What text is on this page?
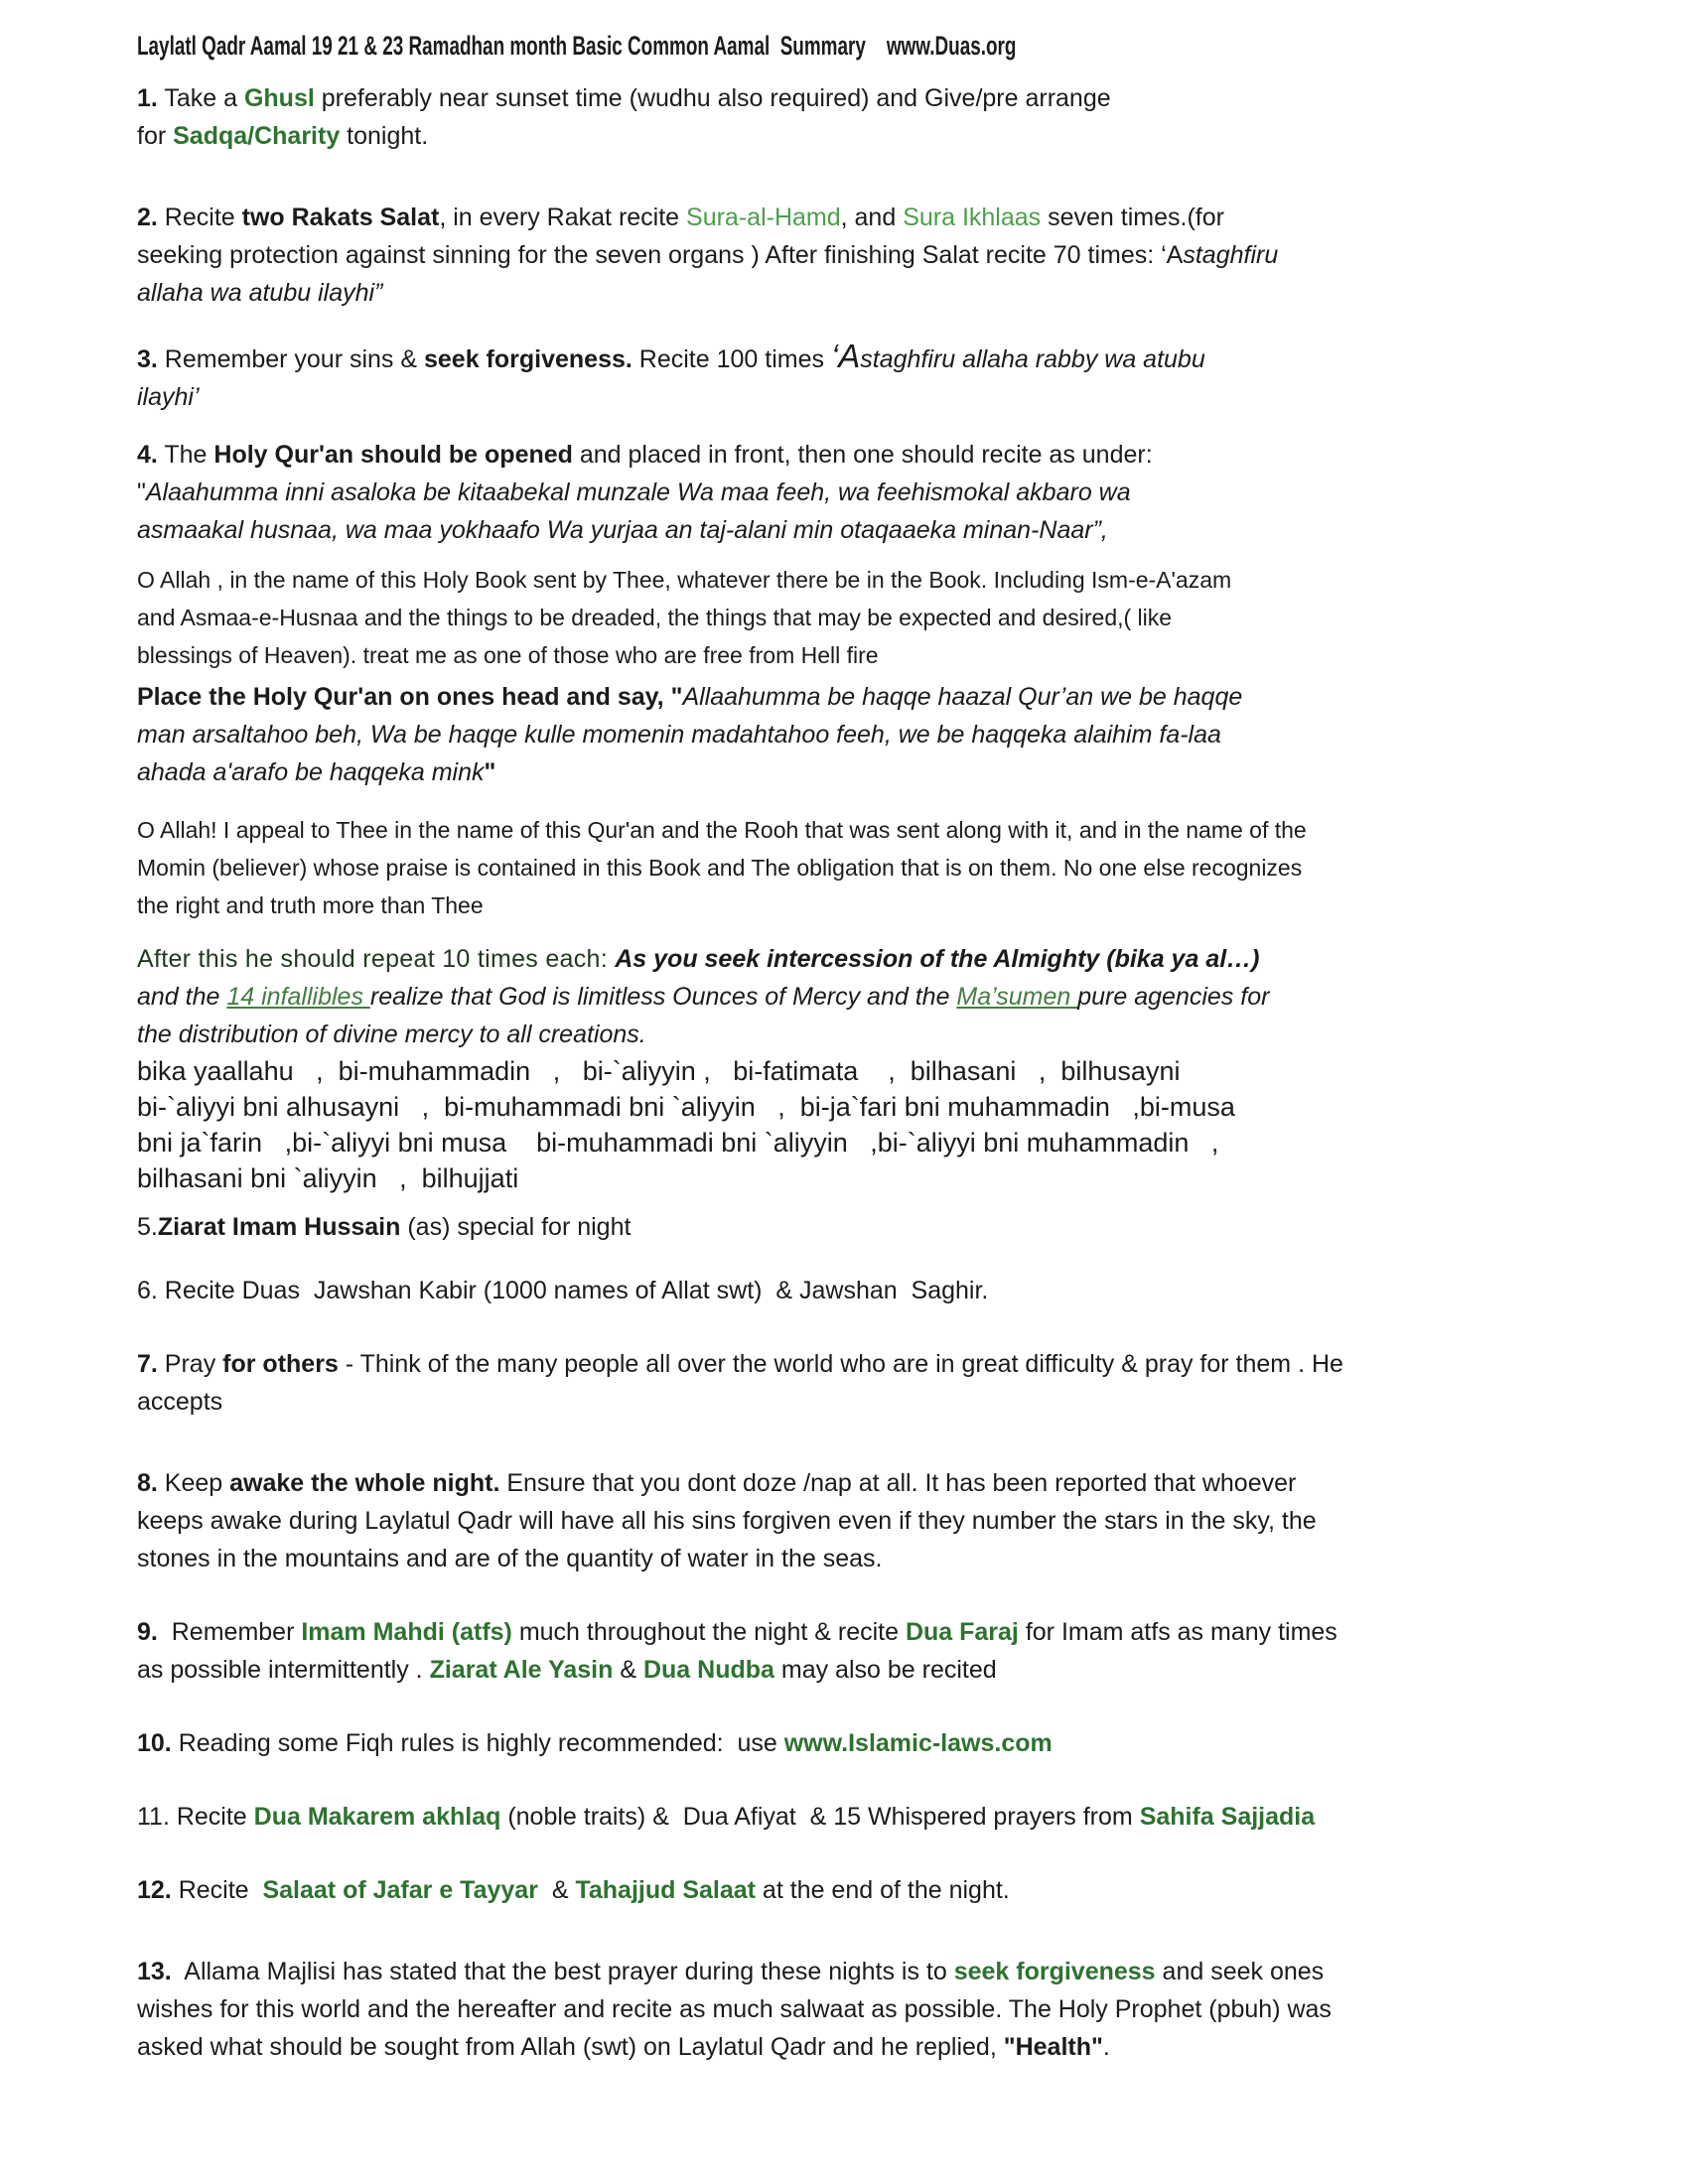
Laylatl Qadr Aamal 19 21 & 23 Ramadhan month Basic Common Aamal  Summary    www.Duas.org
1. Take a Ghusl preferably near sunset time (wudhu also required) and Give/pre arrange
for Sadqa/Charity tonight.
2. Recite two Rakats Salat, in every Rakat recite Sura-al-Hamd, and Sura Ikhlaas seven times.(for
seeking protection against sinning for the seven organs ) After finishing Salat recite 70 times: ‘Astaghfiru
allaha wa atubu ilayhi”
3. Remember your sins & seek forgiveness. Recite 100 times ‘Astaghfiru allaha rabby wa atubu
ilayhi’
4. The Holy Qur'an should be opened and placed in front, then one should recite as under:
"Alaahumma inni asaloka be kitaabekal munzale Wa maa feeh, wa feehismokal akbaro wa
asmaakal husnaa, wa maa yokhaafo Wa yurjaa an taj-alani min otaqaaeka minan-Naar”,
O Allah , in the name of this Holy Book sent by Thee, whatever there be in the Book. Including Ism-e-A'azam
and Asmaa-e-Husnaa and the things to be dreaded, the things that may be expected and desired,( like
blessings of Heaven). treat me as one of those who are free from Hell fire
Place the Holy Qur'an on ones head and say, "Allaahumma be haqqe haazal Qur’an we be haqqe
man arsaltahoo beh, Wa be haqqe kulle momenin madahtahoo feeh, we be haqqeka alaihim fa-laa
ahada a'arafo be haqqeka mink"
O Allah! I appeal to Thee in the name of this Qur'an and the Rooh that was sent along with it, and in the name of the
Momin (believer) whose praise is contained in this Book and The obligation that is on them. No one else recognizes
the right and truth more than Thee
After this he should repeat 10 times each: As you seek intercession of the Almighty (bika ya al…)
and the 14 infallibles realize that God is limitless Ounces of Mercy and the Ma’sumen pure agencies for
the distribution of divine mercy to all creations.
bika yaallahu   ,  bi-muhammadin   ,   bi-`aliyyin ,   bi-fatimata    ,  bilhasani   ,  bilhusayni
bi-`aliyyi bni alhusayni   ,  bi-muhammadi bni `aliyyin   ,  bi-ja`fari bni muhammadin   ,bi-musa
bni ja`farin   ,bi-`aliyyi bni musa    bi-muhammadi bni `aliyyin   ,bi-`aliyyi bni muhammadin   ,
bilhasani bni `aliyyin   ,  bilhujjati
5.Ziarat Imam Hussain (as) special for night
6. Recite Duas  Jawshan Kabir (1000 names of Allat swt)  & Jawshan  Saghir.
7. Pray for others - Think of the many people all over the world who are in great difficulty & pray for them . He
accepts
8. Keep awake the whole night. Ensure that you dont doze /nap at all. It has been reported that whoever
keeps awake during Laylatul Qadr will have all his sins forgiven even if they number the stars in the sky, the
stones in the mountains and are of the quantity of water in the seas.
9.  Remember Imam Mahdi (atfs) much throughout the night & recite Dua Faraj for Imam atfs as many times
as possible intermittently . Ziarat Ale Yasin & Dua Nudba may also be recited
10. Reading some Fiqh rules is highly recommended:  use www.Islamic-laws.com
11. Recite Dua Makarem akhlaq (noble traits) &  Dua Afiyat  & 15 Whispered prayers from Sahifa Sajjadia
12. Recite  Salaat of Jafar e Tayyar  & Tahajjud Salaat at the end of the night.
13.  Allama Majlisi has stated that the best prayer during these nights is to seek forgiveness and seek ones
wishes for this world and the hereafter and recite as much salwaat as possible. The Holy Prophet (pbuh) was
asked what should be sought from Allah (swt) on Laylatul Qadr and he replied, "Health".
